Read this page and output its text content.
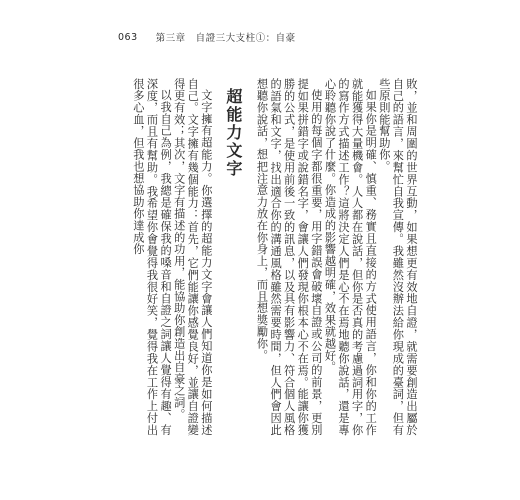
063 第三章　自證三大支柱①：自豪

敗，並和周圍的世界互動，如果想更有效地自證，就需要創造出屬於自己的語言，來幫忙自我宣傳。我雖然沒辦法給你現成的臺詞，但有些原則能幫助你。

如果你是明確、慎重、務實且直接的方式使用語言，你和你的工作就能獲得大量機會。人人都在說話，但你是否真的考慮過詞用字，你的寫作方式描述工作？這將決定人們是心不在焉地聽你說話，還是專心聆聽你說了什麼。你造成的影響越明確，效果就越好。

使用的每個字都很重要，用字錯誤會破壞自證或公司的前景，更別提如果拼錯字或說錯名字，會讓人們發現你根本心不在焉。能讓你獲勝的公式，是使用前後一致的訊息，以及具有影響力、符合個人風格的語氣和文字，找出適合你的溝通風格雖然需要時間，但人們會因此想聽你說話，想把注意力放在你身上，而且想獎勵你。

超能力文字

文字擁有超能力。你選擇的超能力文字會讓人們知道你是如何描述自己。文字擁有幾個能力：首先，它們能讓你感覺良好，並讓自證變得更有效；其次，文字有描述的功用，能協助你創造出自豪之詞。

以我自己為例，我總是確保我的嗓音和自證之詞讓人覺得有趣、有深度，而且有幫助。我希望你會覺得我很好笑，覺得我在工作上付出很多心血，但我也想協助你達成你
